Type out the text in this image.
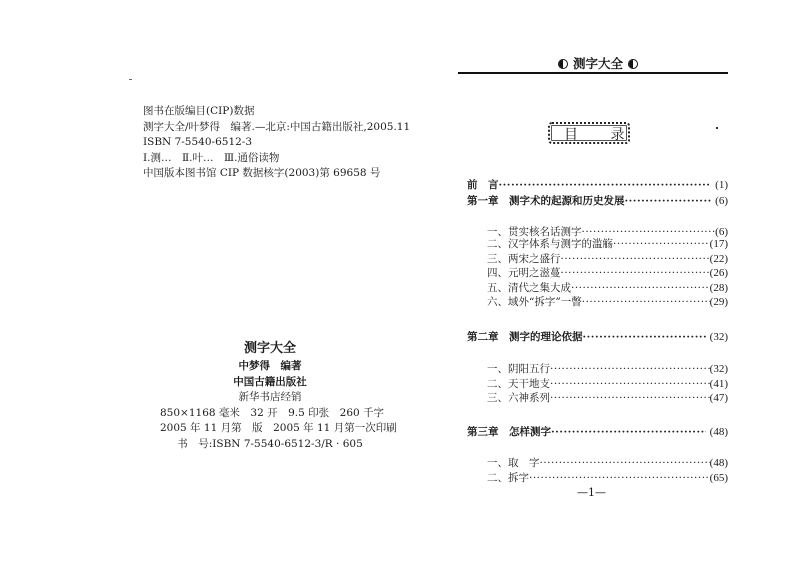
图书在版编目(CIP)数据
测字大全/叶梦得　编著.—北京:中国古籍出版社,2005.11
ISBN 7-5540-6512-3
Ⅰ.测…　Ⅱ.叶…　Ⅲ.通俗读物
中国版本图书馆 CIP 数据核字(2003)第 69658 号
测字大全
中梦得　编著
中国古籍出版社
新华书店经销
850×1168 毫米　32 开　9.5 印张　260 千字
2005 年 11 月第　版　2005 年 11 月第一次印刷
书　号:ISBN 7-5540-6512-3/R · 605
测字大全
目 录
前　言 ·····	(1)
第一章　测字术的起源和历史发展 ·····	(6)
一、贯实核名话测字 ·····	(6)
二、汉字体系与测字的滥觞 ·····	(17)
三、两宋之盛行 ·····	(22)
四、元明之滋蔓 ·····	(26)
五、清代之集大成 ·····	(28)
六、域外“拆字”一瞥 ·····	(29)
第二章　测字的理论依据 ·····	(32)
一、阴阳五行 ·····	(32)
二、天干地支 ·····	(41)
三、六神系列 ·····	(47)
第三章　怎样测字 ·····	(48)
一、取　字 ·····	(48)
二、拆字 ·····	(65)
—1—
